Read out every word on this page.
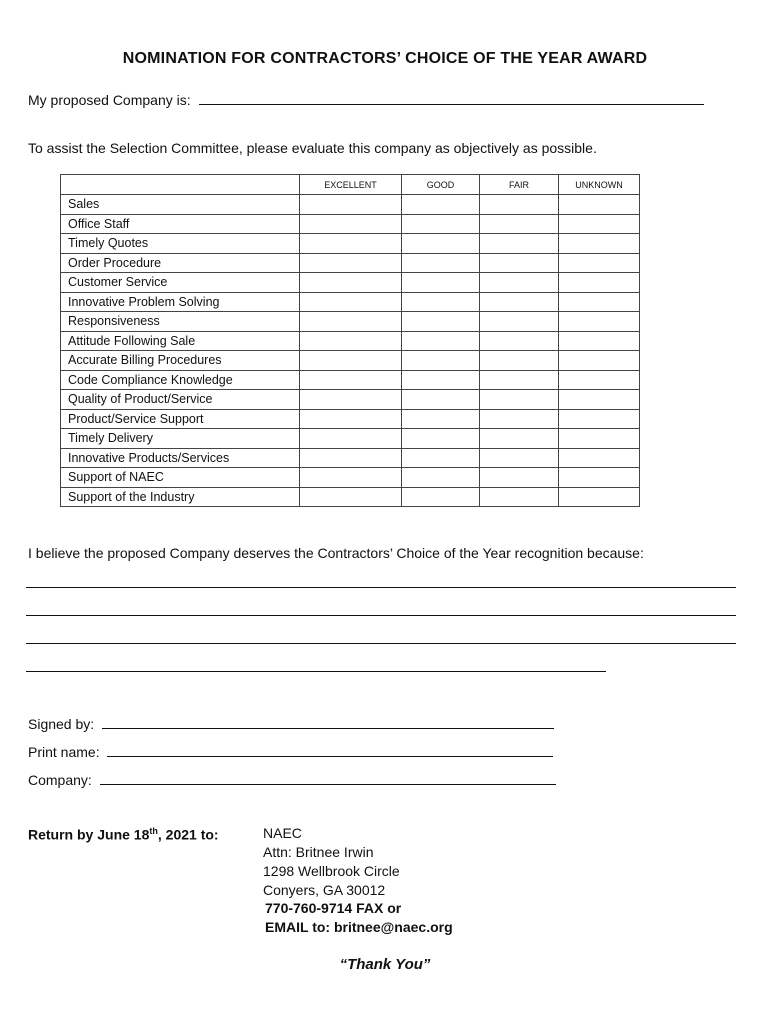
NOMINATION FOR CONTRACTORS’ CHOICE OF THE YEAR AWARD
My proposed Company is:
To assist the Selection Committee, please evaluate this company as objectively as possible.
	EXCELLENT	GOOD	FAIR	UNKNOWN
Sales				
Office Staff				
Timely Quotes				
Order Procedure				
Customer Service				
Innovative Problem Solving				
Responsiveness				
Attitude Following Sale				
Accurate Billing Procedures				
Code Compliance Knowledge				
Quality of Product/Service				
Product/Service Support				
Timely Delivery				
Innovative Products/Services				
Support of NAEC				
Support of the Industry				
I believe the proposed Company deserves the Contractors’ Choice of the Year recognition because:
Signed by:
Print name:
Company:
Return by June 18th, 2021 to:	NAEC
Attn: Britnee Irwin
1298 Wellbrook Circle
Conyers, GA 30012
770-760-9714 FAX or
EMAIL to: britnee@naec.org
“Thank You”
